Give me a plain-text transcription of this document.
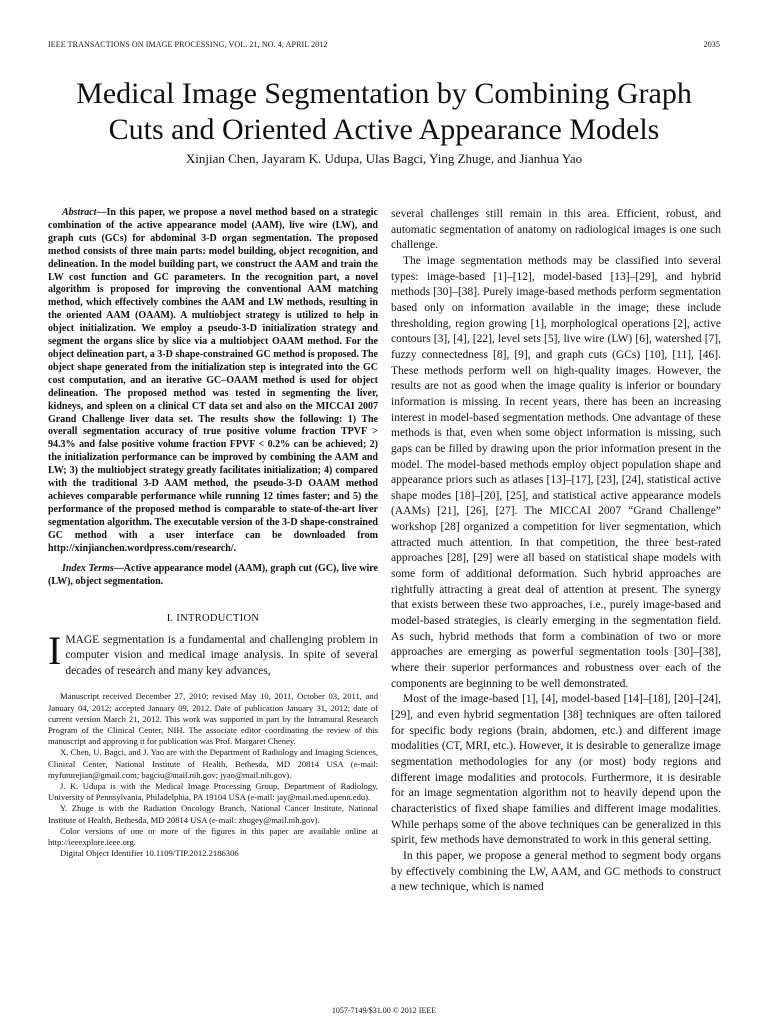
IEEE TRANSACTIONS ON IMAGE PROCESSING, VOL. 21, NO. 4, APRIL 2012	2035
Medical Image Segmentation by Combining Graph Cuts and Oriented Active Appearance Models
Xinjian Chen, Jayaram K. Udupa, Ulas Bagci, Ying Zhuge, and Jianhua Yao

Abstract—In this paper, we propose a novel method based on a strategic combination of the active appearance model (AAM), live wire (LW), and graph cuts (GCs) for abdominal 3-D organ segmentation. The proposed method consists of three main parts: model building, object recognition, and delineation. In the model building part, we construct the AAM and train the LW cost function and GC parameters. In the recognition part, a novel algorithm is proposed for improving the conventional AAM matching method, which effectively combines the AAM and LW methods, resulting in the oriented AAM (OAAM). A multiobject strategy is utilized to help in object initialization. We employ a pseudo-3-D initialization strategy and segment the organs slice by slice via a multiobject OAAM method. For the object delineation part, a 3-D shape-constrained GC method is proposed. The object shape generated from the initialization step is integrated into the GC cost computation, and an iterative GC–OAAM method is used for object delineation. The proposed method was tested in segmenting the liver, kidneys, and spleen on a clinical CT data set and also on the MICCAI 2007 Grand Challenge liver data set. The results show the following: 1) The overall segmentation accuracy of true positive volume fraction TPVF > 94.3% and false positive volume fraction FPVF < 0.2% can be achieved; 2) the initialization performance can be improved by combining the AAM and LW; 3) the multiobject strategy greatly facilitates initialization; 4) compared with the traditional 3-D AAM method, the pseudo-3-D OAAM method achieves comparable performance while running 12 times faster; and 5) the performance of the proposed method is comparable to state-of-the-art liver segmentation algorithm. The executable version of the 3-D shape-constrained GC method with a user interface can be downloaded from http://xinjianchen.wordpress.com/research/.

Index Terms—Active appearance model (AAM), graph cut (GC), live wire (LW), object segmentation.

I. INTRODUCTION

IMAGE segmentation is a fundamental and challenging problem in computer vision and medical image analysis. In spite of several decades of research and many key advances,

Manuscript received December 27, 2010; revised May 10, 2011, October 03, 2011, and January 04, 2012; accepted January 09, 2012. Date of publication January 31, 2012; date of current version March 21, 2012. This work was supported in part by the Intramural Research Program of the Clinical Center, NIH. The associate editor coordinating the review of this manuscript and approving it for publication was Prof. Margaret Cheney.

X. Chen, U. Bagci, and J. Yao are with the Department of Radiology and Imaging Sciences, Clinical Center, National Institute of Health, Bethesda, MD 20814 USA (e-mail: myfuturejian@gmail.com; bagciu@mail.nih.gov; jyao@mail.nih.gov).

J. K. Udupa is with the Medical Image Processing Group, Department of Radiology, University of Pennsylvania, Philadelphia, PA 19104 USA (e-mail: jay@mail.med.upenn.edu).

Y. Zhuge is with the Radiation Oncology Branch, National Cancer Institute, National Institute of Health, Bethesda, MD 20814 USA (e-mail: zhugey@mail.nih.gov).

Color versions of one or more of the figures in this paper are available online at http://ieeexplore.ieee.org.

Digital Object Identifier 10.1109/TIP.2012.2186306

several challenges still remain in this area. Efficient, robust, and automatic segmentation of anatomy on radiological images is one such challenge.

The image segmentation methods may be classified into several types: image-based [1]–[12], model-based [13]–[29], and hybrid methods [30]–[38]. Purely image-based methods perform segmentation based only on information available in the image; these include thresholding, region growing [1], morphological operations [2], active contours [3], [4], [22], level sets [5], live wire (LW) [6], watershed [7], fuzzy connectedness [8], [9], and graph cuts (GCs) [10], [11], [46]. These methods perform well on high-quality images. However, the results are not as good when the image quality is inferior or boundary information is missing. In recent years, there has been an increasing interest in model-based segmentation methods. One advantage of these methods is that, even when some object information is missing, such gaps can be filled by drawing upon the prior information present in the model. The model-based methods employ object population shape and appearance priors such as atlases [13]–[17], [23], [24], statistical active shape modes [18]–[20], [25], and statistical active appearance models (AAMs) [21], [26], [27]. The MICCAI 2007 “Grand Challenge” workshop [28] organized a competition for liver segmentation, which attracted much attention. In that competition, the three best-rated approaches [28], [29] were all based on statistical shape models with some form of additional deformation. Such hybrid approaches are rightfully attracting a great deal of attention at present. The synergy that exists between these two approaches, i.e., purely image-based and model-based strategies, is clearly emerging in the segmentation field. As such, hybrid methods that form a combination of two or more approaches are emerging as powerful segmentation tools [30]–[38], where their superior performances and robustness over each of the components are beginning to be well demonstrated.

Most of the image-based [1], [4], model-based [14]–[18], [20]–[24], [29], and even hybrid segmentation [38] techniques are often tailored for specific body regions (brain, abdomen, etc.) and different image modalities (CT, MRI, etc.). However, it is desirable to generalize image segmentation methodologies for any (or most) body regions and different image modalities and protocols. Furthermore, it is desirable for an image segmentation algorithm not to heavily depend upon the characteristics of fixed shape families and different image modalities. While perhaps some of the above techniques can be generalized in this spirit, few methods have demonstrated to work in this general setting.

In this paper, we propose a general method to segment body organs by effectively combining the LW, AAM, and GC methods to construct a new technique, which is named

1057-7149/$31.00 © 2012 IEEE
